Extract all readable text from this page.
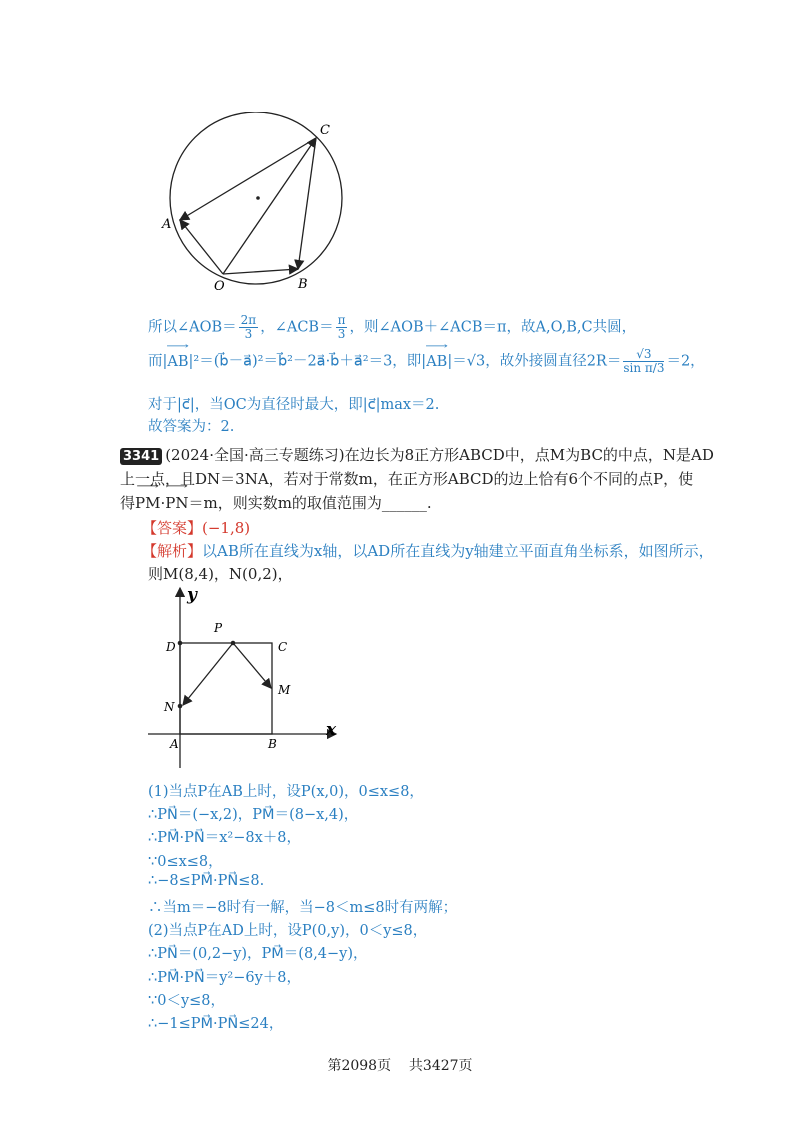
C
A
O	B
所以∠AOB＝ $\frac{2\pi}{3}$ ，∠ACB＝ $\frac{\pi}{3}$ ，则∠AOB＋∠ACB＝π，故A,O,B,C共圆，
而|⟶ AB|²＝(b⃗－a⃗)²＝b⃗²－2a⃗·b⃗＋a⃗²＝3，即|⟶ AB|＝√3，故外接圆直径$2R= \frac{√3}{\text{sin π/3}} =2$，
对于|c⃗|，当OC为直径时最大，即|c⃗|max＝2.
故答案为：2.
3341 (2024·全国·高三专题练习)在边长为8正方形ABCD中，点M为BC的中点，N是AD
上一点，且DN＝3NA，若对于常数m，在正方形ABCD的边上恰有6个不同的点P，使
得⟶ PM·⟶ PN＝m，则实数m的取值范围为______.
【答案】(−1,8)
【解析】以AB所在直线为x轴，以AD所在直线为y轴建立平面直角坐标系，如图所示，
则M(8,4)，N(0,2)，
y
x
D
P
C
M
N
A	B
(1)当点P在AB上时，设P(x,0)，0≤x≤8，
∴PN⃗＝(−x,2)，PM⃗＝(8−x,4)，
∴PM⃗·PN⃗＝x²−8x＋8，
∵0≤x≤8，
∴−8≤PM⃗·PN⃗≤8.
∴当m＝−8时有一解，当−8＜m≤8时有两解；
(2)当点P在AD上时，设P(0,y)，0＜y≤8，
∴PN⃗＝(0,2−y)，PM⃗＝(8,4−y)，
∴PM⃗·PN⃗＝y²−6y＋8，
∵0＜y≤8，
∴−1≤PM⃗·PN⃗≤24，
第2098页 共3427页
